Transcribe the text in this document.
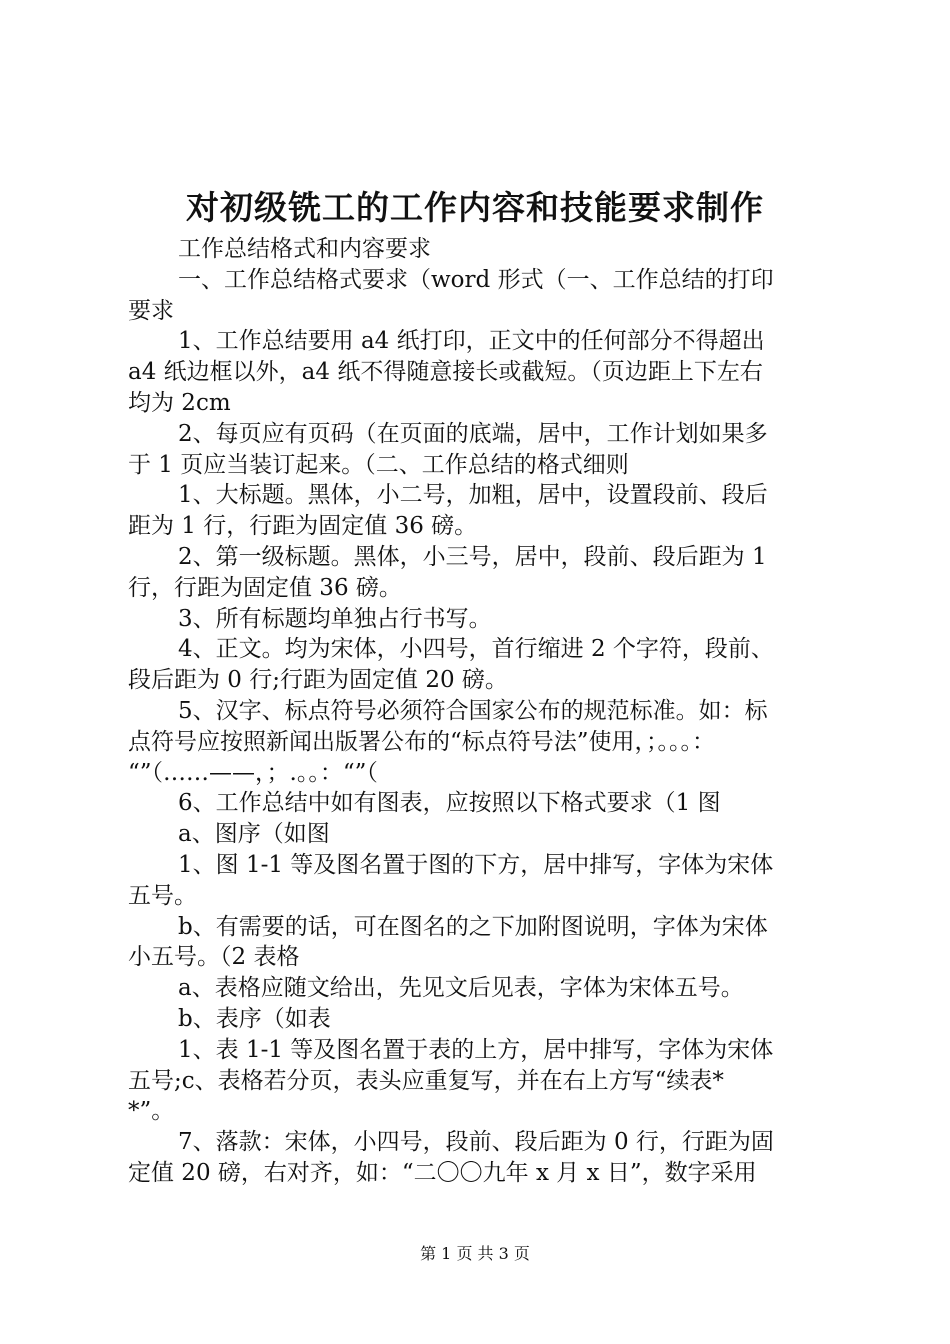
对初级铣工的工作内容和技能要求制作
工作总结格式和内容要求
一、工作总结格式要求（word 形式（一、工作总结的打印
要求
1、工作总结要用 a4 纸打印，正文中的任何部分不得超出
a4 纸边框以外，a4 纸不得随意接长或截短。（页边距上下左右
均为 2cm
2、每页应有页码（在页面的底端，居中，工作计划如果多
于 1 页应当装订起来。（二、工作总结的格式细则
1、大标题。黑体，小二号，加粗，居中，设置段前、段后
距为 1 行，行距为固定值 36 磅。
2、第一级标题。黑体，小三号，居中，段前、段后距为 1
行，行距为固定值 36 磅。
3、所有标题均单独占行书写。
4、正文。均为宋体，小四号，首行缩进 2 个字符，段前、
段后距为 0 行;行距为固定值 20 磅。
5、汉字、标点符号必须符合国家公布的规范标准。如：标
点符号应按照新闻出版署公布的“标点符号法”使用，；。。。：
“”（……——，；.。。：“”（
6、工作总结中如有图表，应按照以下格式要求（1 图
a、图序（如图
1、图 1-1 等及图名置于图的下方，居中排写，字体为宋体
五号。
b、有需要的话，可在图名的之下加附图说明，字体为宋体
小五号。（2 表格
a、表格应随文给出，先见文后见表，字体为宋体五号。
b、表序（如表
1、表 1-1 等及图名置于表的上方，居中排写，字体为宋体
五号;c、表格若分页，表头应重复写，并在右上方写“续表*
*”。
7、落款：宋体，小四号，段前、段后距为 0 行，行距为固
定值 20 磅，右对齐，如：“二〇〇九年 x 月 x 日”，数字采用
第 1 页 共 3 页
